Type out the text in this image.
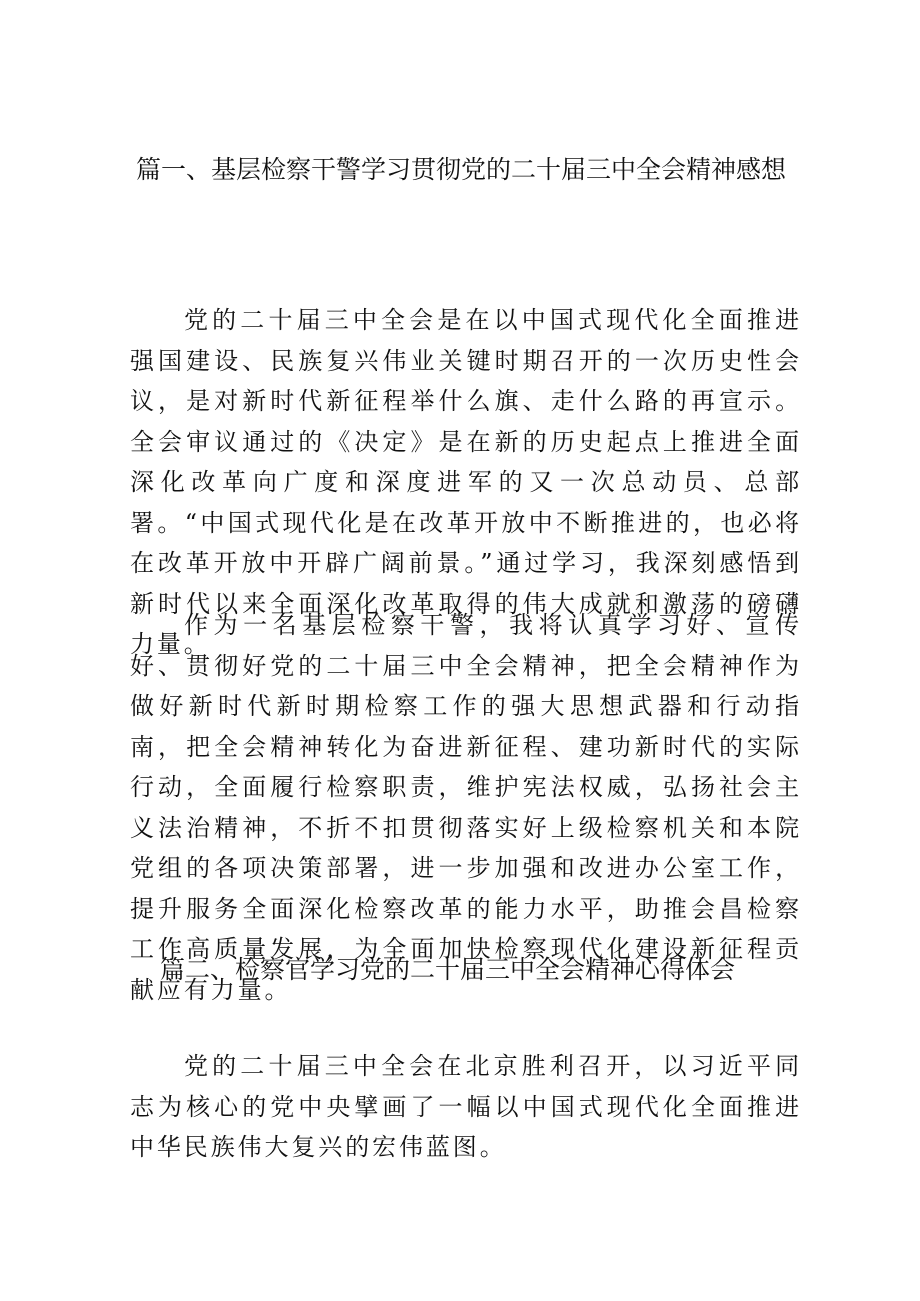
篇一、基层检察干警学习贯彻党的二十届三中全会精神感想

党的二十届三中全会是在以中国式现代化全面推进强国建设、民族复兴伟业关键时期召开的一次历史性会议，是对新时代新征程举什么旗、走什么路的再宣示。全会审议通过的《决定》是在新的历史起点上推进全面深化改革向广度和深度进军的又一次总动员、总部署。“中国式现代化是在改革开放中不断推进的，也必将在改革开放中开辟广阔前景。”通过学习，我深刻感悟到新时代以来全面深化改革取得的伟大成就和激荡的磅礴力量。

作为一名基层检察干警，我将认真学习好、宣传好、贯彻好党的二十届三中全会精神，把全会精神作为做好新时代新时期检察工作的强大思想武器和行动指南，把全会精神转化为奋进新征程、建功新时代的实际行动，全面履行检察职责，维护宪法权威，弘扬社会主义法治精神，不折不扣贯彻落实好上级检察机关和本院党组的各项决策部署，进一步加强和改进办公室工作，提升服务全面深化检察改革的能力水平，助推会昌检察工作高质量发展，为全面加快检察现代化建设新征程贡献应有力量。

篇二、检察官学习党的二十届三中全会精神心得体会

党的二十届三中全会在北京胜利召开，以习近平同志为核心的党中央擘画了一幅以中国式现代化全面推进中华民族伟大复兴的宏伟蓝图。
